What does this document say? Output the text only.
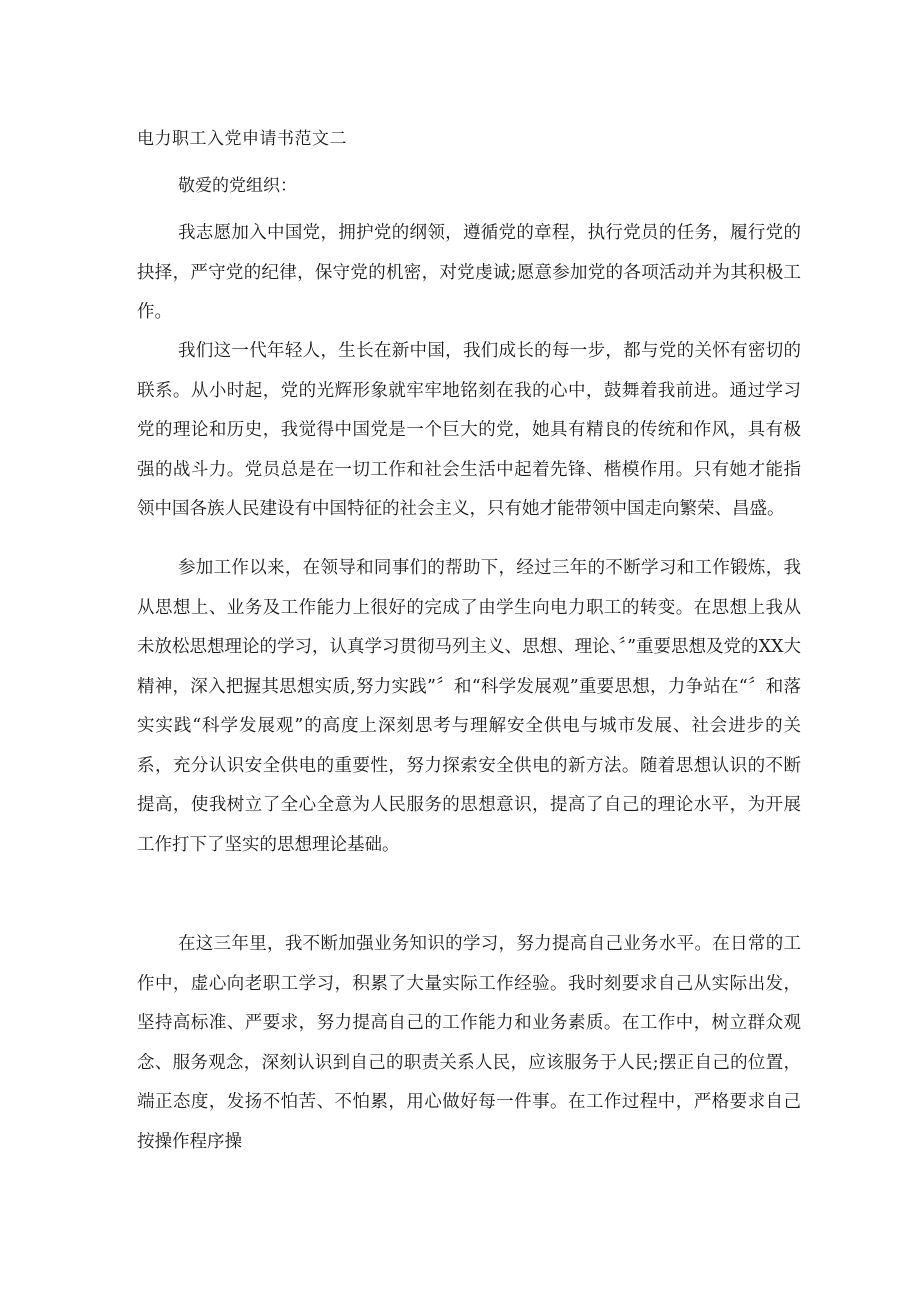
电力职工入党申请书范文二
敬爱的党组织：

我志愿加入中国党，拥护党的纲领，遵循党的章程，执行党员的任务，履行党的抉择，严守党的纪律，保守党的机密，对党虔诚;愿意参加党的各项活动并为其积极工作。

我们这一代年轻人，生长在新中国，我们成长的每一步，都与党的关怀有密切的联系。从小时起，党的光辉形象就牢牢地铭刻在我的心中，鼓舞着我前进。通过学习党的理论和历史，我觉得中国党是一个巨大的党，她具有精良的传统和作风，具有极强的战斗力。党员总是在一切工作和社会生活中起着先锋、楷模作用。只有她才能指领中国各族人民建设有中国特征的社会主义，只有她才能带领中国走向繁荣、昌盛。

参加工作以来，在领导和同事们的帮助下，经过三年的不断学习和工作锻炼，我从思想上、业务及工作能力上很好的完成了由学生向电力职工的转变。在思想上我从未放松思想理论的学习，认真学习贯彻马列主义、思想、理论、〞”重要思想及党的XX大精神，深入把握其思想实质,努力实践”〞和“科学发展观”重要思想，力争站在“〞和落实实践“科学发展观”的高度上深刻思考与理解安全供电与城市发展、社会进步的关系，充分认识安全供电的重要性，努力探索安全供电的新方法。随着思想认识的不断提高，使我树立了全心全意为人民服务的思想意识，提高了自己的理论水平，为开展工作打下了坚实的思想理论基础。

在这三年里，我不断加强业务知识的学习，努力提高自己业务水平。在日常的工作中，虚心向老职工学习，积累了大量实际工作经验。我时刻要求自己从实际出发，坚持高标准、严要求，努力提高自己的工作能力和业务素质。在工作中，树立群众观念、服务观念，深刻认识到自己的职责关系人民，应该服务于人民;摆正自己的位置，端正态度，发扬不怕苦、不怕累，用心做好每一件事。在工作过程中，严格要求自己按操作程序操
